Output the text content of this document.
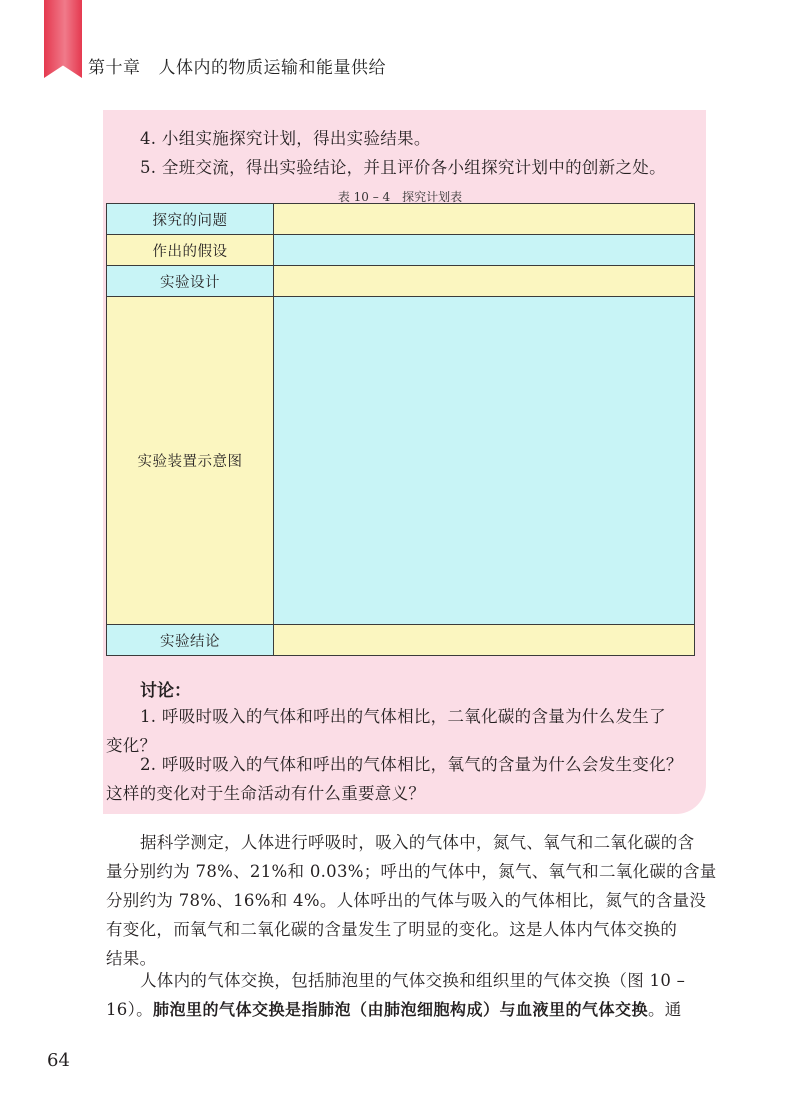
第十章 人体内的物质运输和能量供给
4. 小组实施探究计划，得出实验结果。
5. 全班交流，得出实验结论，并且评价各小组探究计划中的创新之处。
表 10 – 4　探究计划表
探究的问题	
作出的假设	
实验设计	
实验装置示意图	
实验结论	
讨论：
1. 呼吸时吸入的气体和呼出的气体相比，二氧化碳的含量为什么发生了
变化？
2. 呼吸时吸入的气体和呼出的气体相比，氧气的含量为什么会发生变化？
这样的变化对于生命活动有什么重要意义？
据科学测定，人体进行呼吸时，吸入的气体中，氮气、氧气和二氧化碳的含
量分别约为 78%、21%和 0.03%；呼出的气体中，氮气、氧气和二氧化碳的含量
分别约为 78%、16%和 4%。人体呼出的气体与吸入的气体相比，氮气的含量没
有变化，而氧气和二氧化碳的含量发生了明显的变化。这是人体内气体交换的
结果。
人体内的气体交换，包括肺泡里的气体交换和组织里的气体交换（图 10 –
16）。肺泡里的气体交换是指肺泡（由肺泡细胞构成）与血液里的气体交换。通
64
